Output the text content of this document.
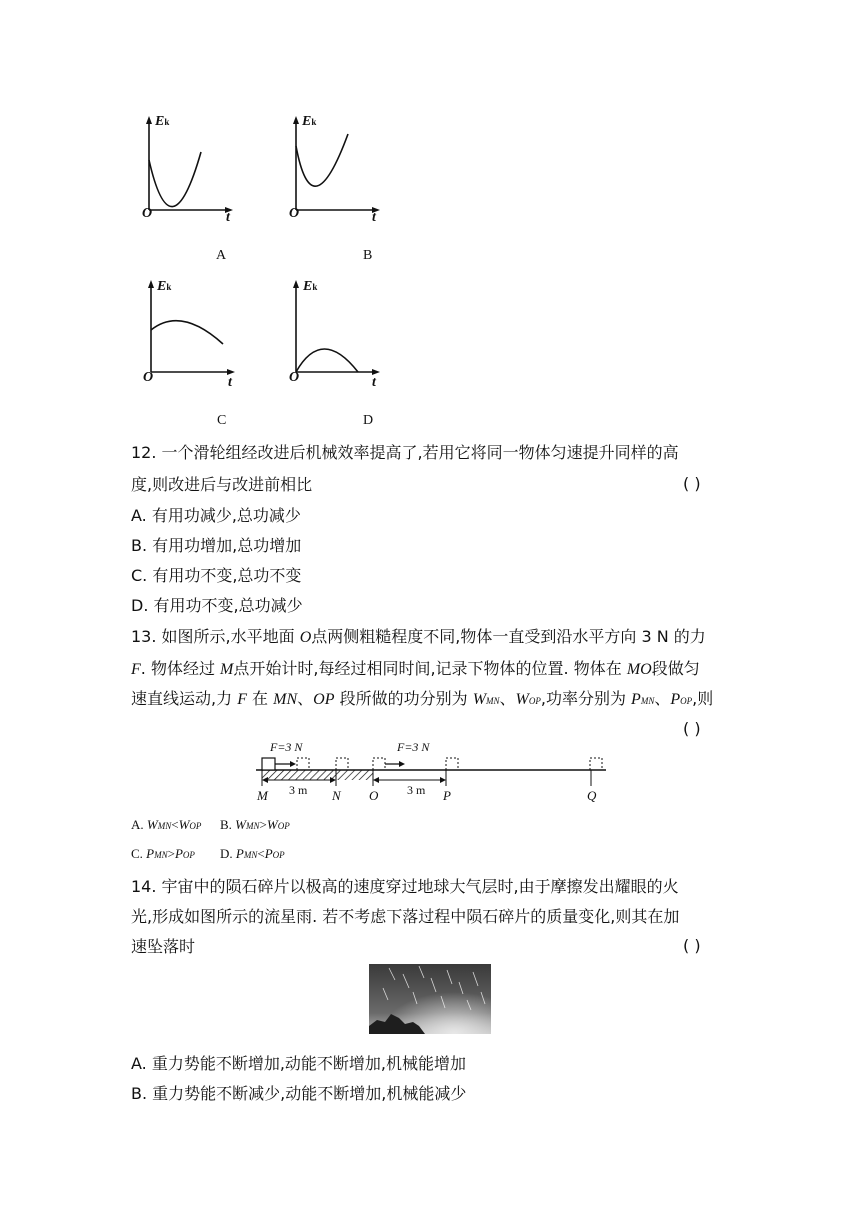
Ek
O	t
A
Ek
O	t
B
Ek
O	t
C
Ek
O	t
D
12. 一个滑轮组经改进后机械效率提高了,若用它将同一物体匀速提升同样的高
度,则改进后与改进前相比	( )
A. 有用功减少,总功减少
B. 有用功增加,总功增加
C. 有用功不变,总功不变
D. 有用功不变,总功减少
13. 如图所示,水平地面 O点两侧粗糙程度不同,物体一直受到沿水平方向 3 N 的力
F. 物体经过 M点开始计时,每经过相同时间,记录下物体的位置. 物体在 MO段做匀
速直线运动,力 F 在 MN、OP 段所做的功分别为 WMN、WOP,功率分别为 PMN、POP,则
( )
F=3 N	F=3 N
3 m	3 m
M	N O	P	Q
A. WMN<WOP B. WMN>WOP
C. PMN>POP D. PMN<POP
14. 宇宙中的陨石碎片以极高的速度穿过地球大气层时,由于摩擦发出耀眼的火
光,形成如图所示的流星雨. 若不考虑下落过程中陨石碎片的质量变化,则其在加
速坠落时	( )
A. 重力势能不断增加,动能不断增加,机械能增加
B. 重力势能不断减少,动能不断增加,机械能减少
